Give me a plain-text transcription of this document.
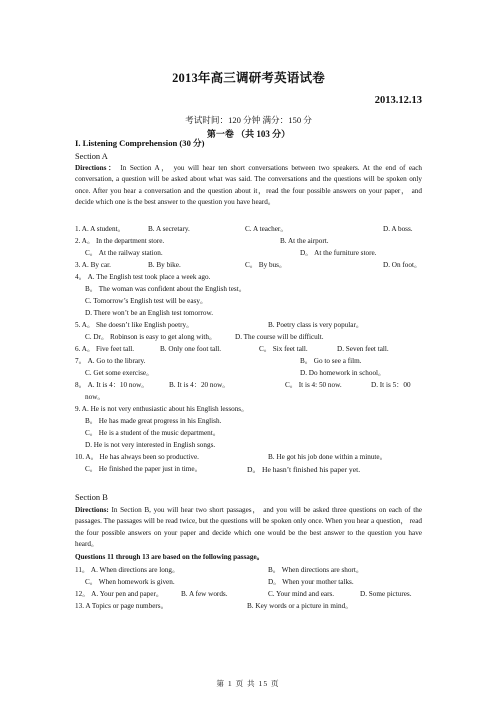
2013年高三调研考英语试卷
2013.12.13
考试时间：120 分钟 满分：150 分
第一卷 （共 103 分）
I. Listening Comprehension (30 分)
Section A
Directions： In Section A， you will hear ten short conversations between two speakers. At the end of each conversation, a question will be asked about what was said. The conversations and the questions will be spoken only once. After you hear a conversation and the question about it，read the four possible answers on your paper， and decide which one is the best answer to the question you have heard。
1. A. A student。	B. A secretary.	C. A teacher。	D. A boss.
2. A。 In the department store.	B. At the airport.
C。 At the railway station.	D。 At the furniture store.
3. A. By car.	B. By bike.	C。 By bus。	D. On foot。
4。 A. The English test took place a week ago.
B。 The woman was confident about the English test。
C. Tomorrow’s English test will be easy。
D. There won’t be an English test tomorrow.
5. A。 She doesn’t like English poetry。	B. Poetry class is very popular。
C. Dr。 Robinson is easy to get along with。	D. The course will be difficult.
6. A。 Five feet tall.	B. Only one foot tall.	C。 Six feet tall.	D. Seven feet tall.
7。 A. Go to the library.	B。 Go to see a film.
C. Get some exercise。	D. Do homework in school。
8。 A. It is 4：10 now。	B. It is 4：20 now。	C。 It is 4: 50 now.	D. It is 5：00
now。
9. A. He is not very enthusiastic about his English lessons。
B。 He has made great progress in his English.
C。 He is a student of the music department。
D. He is not very interested in English songs.
10. A。 He has always been so productive.	B. He got his job done within a minute。
C。 He finished the paper just in time。	D。 He hasn’t finished his paper yet.
Section B
Directions: In Section B, you will hear two short passages， and you will be asked three questions on each of the passages. The passages will be read twice, but the questions will be spoken only once. When you hear a question， read the four possible answers on your paper and decide which one would be the best answer to the question you have heard。
Questions 11 through 13 are based on the following passage。
11。 A. When directions are long。	B。 When directions are short。
C。 When homework is given.	D。 When your mother talks.
12。 A. Your pen and paper。 B. A few words.	C. Your mind and ears.	D. Some pictures.
13. A Topics or page numbers。	B. Key words or a picture in mind。
第 1 页 共 15 页
